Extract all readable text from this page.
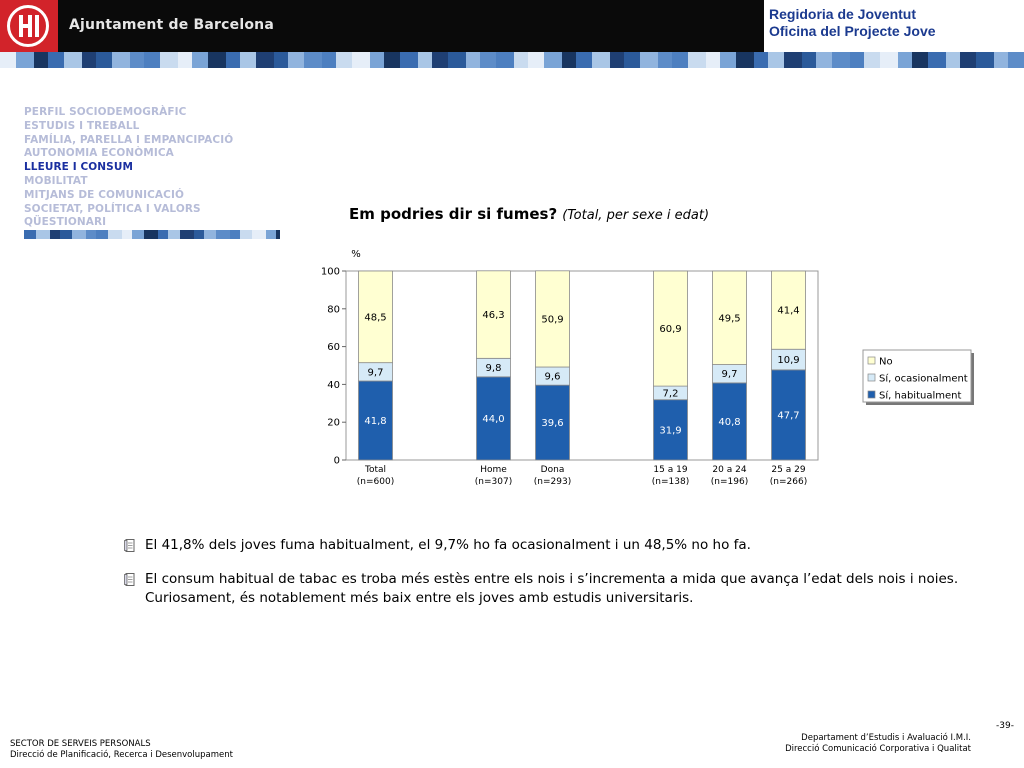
Ajuntament de Barcelona
Regidoria de Joventut
Oficina del Projecte Jove
PERFIL SOCIODEMOGRÀFIC
ESTUDIS I TREBALL
FAMÍLIA, PARELLA I EMPANCIPACIÓ
AUTONOMIA ECONÒMICA
LLEURE I CONSUM
MOBILITAT
MITJANS DE COMUNICACIÓ
SOCIETAT, POLÍTICA I VALORS
QÜESTIONARI	Em podries dir si fumes? (Total, per sexe i edat)
%
0
20
40
60
80
100
41,8
9,7
48,5
Total
(n=600)
44,0
9,8
46,3
Home
(n=307)
39,6
9,6
50,9
Dona
(n=293)
31,9
7,2
60,9
15 a 19
(n=138)
40,8
9,7
49,5
20 a 24
(n=196)
47,7
10,9
41,4
25 a 29
(n=266)
No
Sí, ocasionalment
Sí, habitualment
El 41,8% dels joves fuma habitualment, el 9,7% ho fa ocasionalment i un 48,5% no ho fa.
El consum habitual de tabac es troba més estès entre els nois i s’incrementa a mida que avança l’edat dels nois i noies. Curiosament, és notablement més baix entre els joves amb estudis universitaris.
SECTOR DE SERVEIS PERSONALS
Direcció de Planificació, Recerca i Desenvolupament
-39-
Departament d’Estudis i Avaluació I.M.I.
Direcció Comunicació Corporativa i Qualitat
